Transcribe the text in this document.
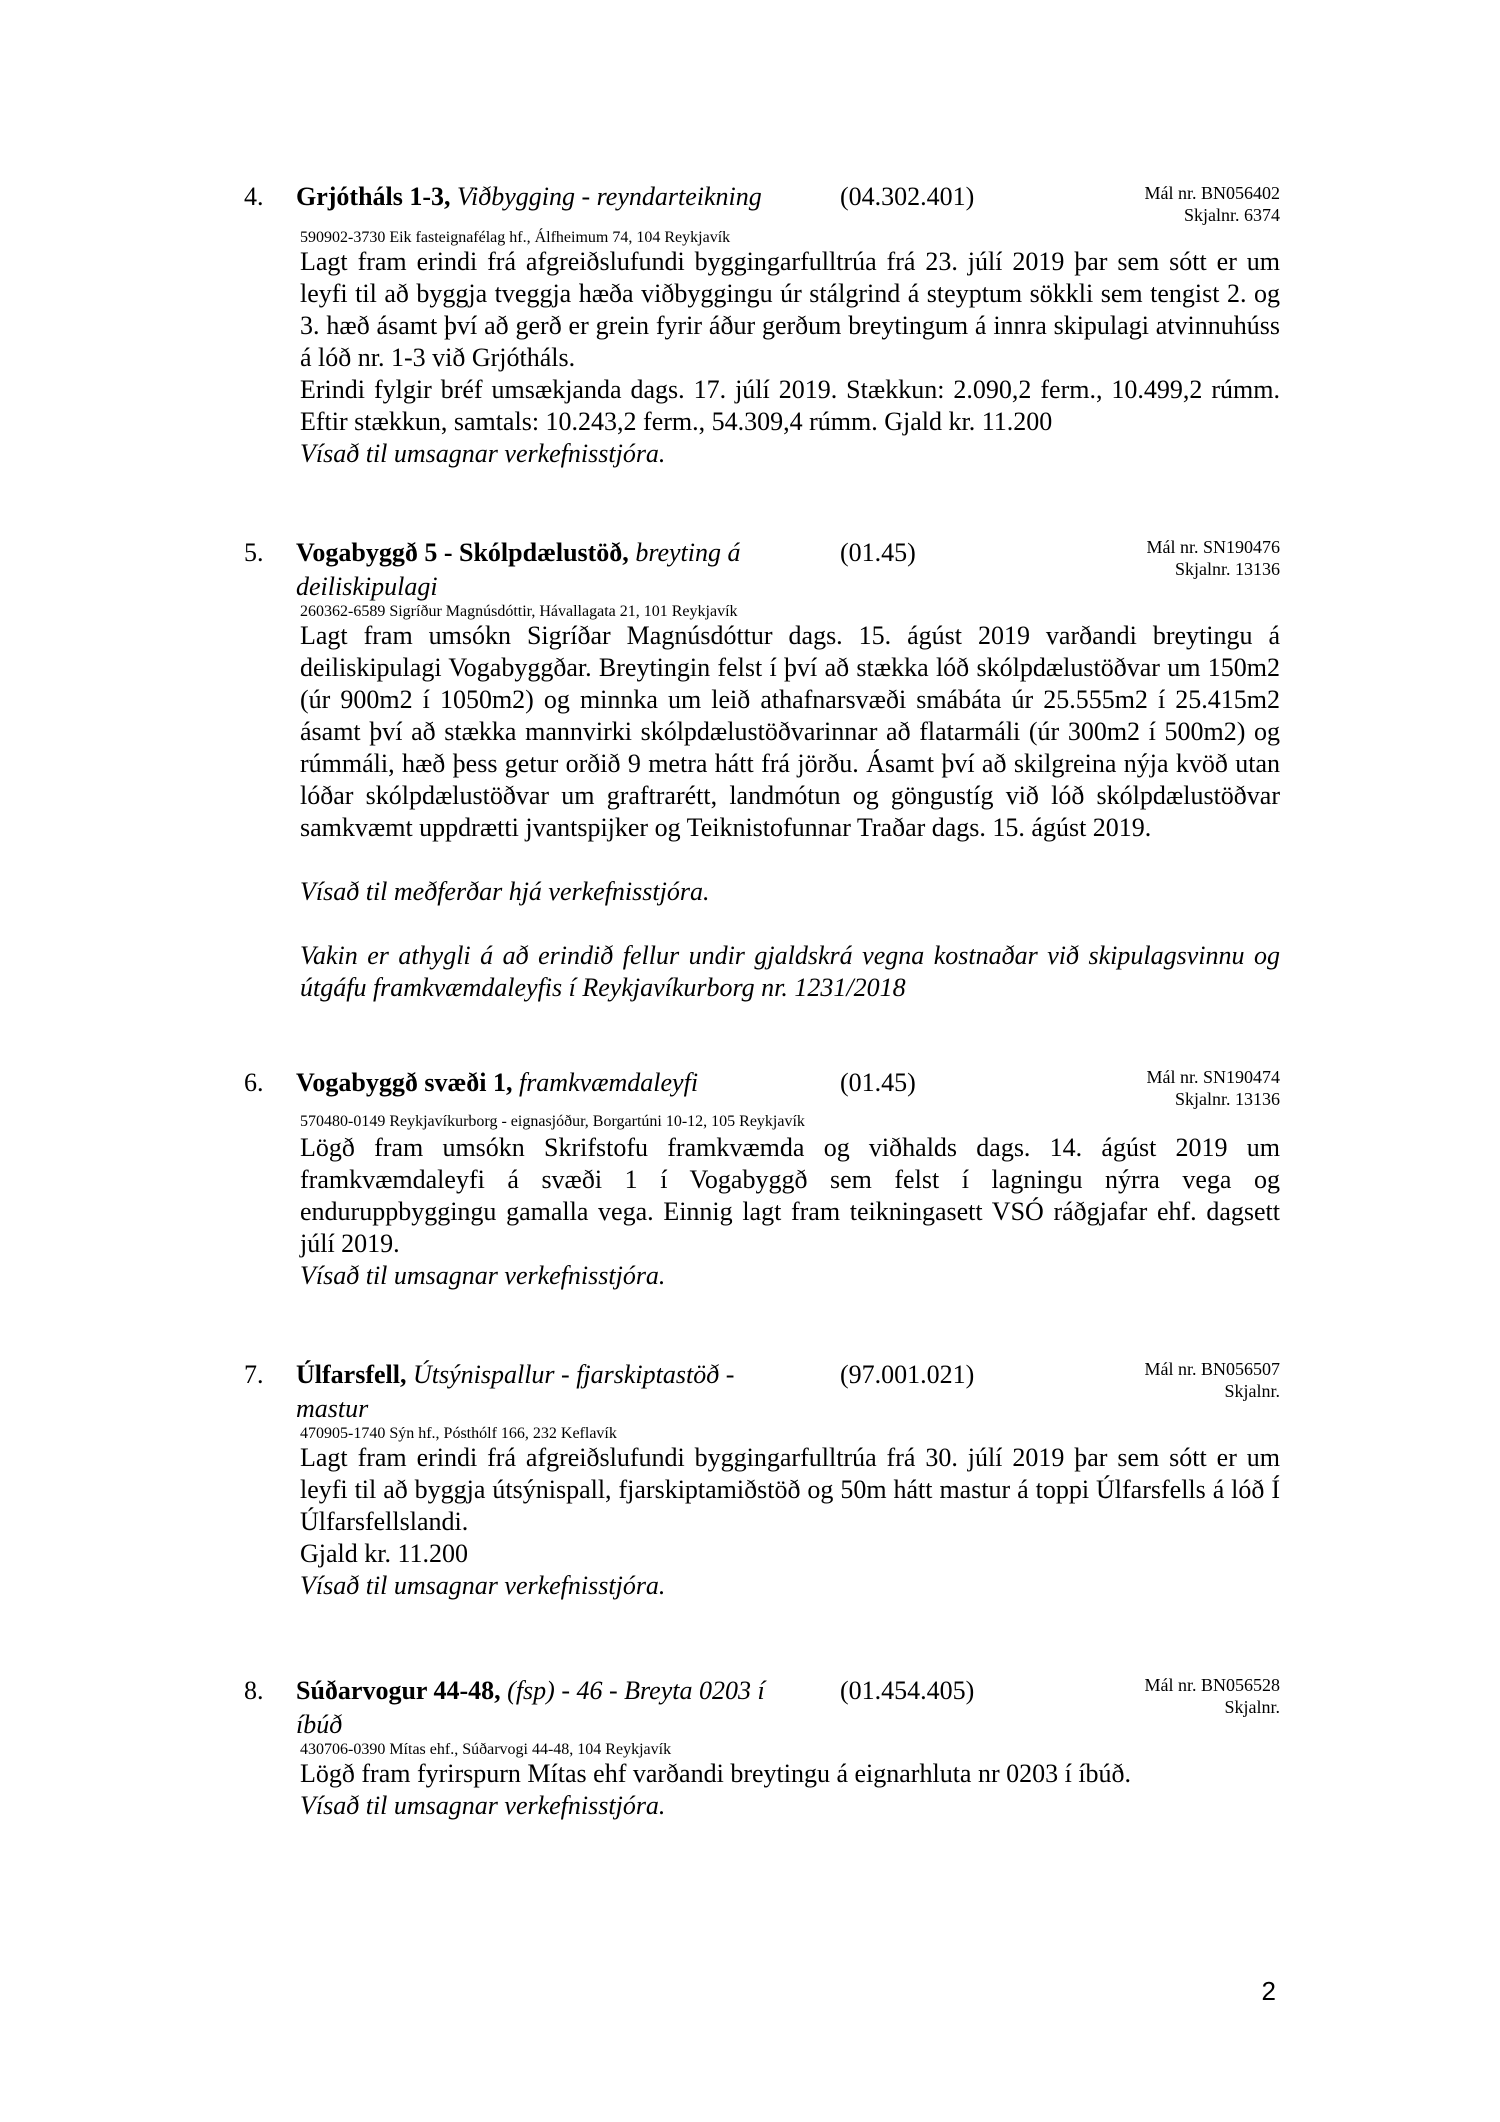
4. Grjótháls 1-3, Viðbygging - reyndarteikning	(04.302.401)	Mál nr. BN056402
Skjalnr. 6374
590902-3730 Eik fasteignafélag hf., Álfheimum 74, 104 Reykjavík
Lagt fram erindi frá afgreiðslufundi byggingarfulltrúa frá 23. júlí 2019 þar sem sótt er um leyfi til að byggja tveggja hæða viðbyggingu úr stálgrind á steyptum sökkli sem tengist 2. og 3. hæð ásamt því að gerð er grein fyrir áður gerðum breytingum á innra skipulagi atvinnuhúss á lóð nr. 1-3 við Grjótháls.
Erindi fylgir bréf umsækjanda dags. 17. júlí 2019. Stækkun: 2.090,2 ferm., 10.499,2 rúmm. Eftir stækkun, samtals: 10.243,2 ferm., 54.309,4 rúmm. Gjald kr. 11.200
Vísað til umsagnar verkefnisstjóra.
5. Vogabyggð 5 - Skólpdælustöð, breyting á deiliskipulagi
(01.45)	Mál nr. SN190476
Skjalnr. 13136
260362-6589 Sigríður Magnúsdóttir, Hávallagata 21, 101 Reykjavík
Lagt fram umsókn Sigríðar Magnúsdóttur dags. 15. ágúst 2019 varðandi breytingu á deiliskipulagi Vogabyggðar. Breytingin felst í því að stækka lóð skólpdælustöðvar um 150m2 (úr 900m2 í 1050m2) og minnka um leið athafnarsvæði smábáta úr 25.555m2 í 25.415m2 ásamt því að stækka mannvirki skólpdælustöðvarinnar að flatarmáli (úr 300m2 í 500m2) og rúmmáli, hæð þess getur orðið 9 metra hátt frá jörðu. Ásamt því að skilgreina nýja kvöð utan lóðar skólpdælustöðvar um graftrarétt, landmótun og göngustíg við lóð skólpdælustöðvar samkvæmt uppdrætti jvantspijker og Teiknistofunnar Traðar dags. 15. ágúst 2019.
Vísað til meðferðar hjá verkefnisstjóra.
Vakin er athygli á að erindið fellur undir gjaldskrá vegna kostnaðar við skipulagsvinnu og útgáfu framkvæmdaleyfis í Reykjavíkurborg nr. 1231/2018
6. Vogabyggð svæði 1, framkvæmdaleyfi	(01.45)	Mál nr. SN190474
Skjalnr. 13136
570480-0149 Reykjavíkurborg - eignasjóður, Borgartúni 10-12, 105 Reykjavík
Lögð fram umsókn Skrifstofu framkvæmda og viðhalds dags. 14. ágúst 2019 um framkvæmdaleyfi á svæði 1 í Vogabyggð sem felst í lagningu nýrra vega og enduruppbyggingu gamalla vega. Einnig lagt fram teikningasett VSÓ ráðgjafar ehf. dagsett júlí 2019.
Vísað til umsagnar verkefnisstjóra.
7. Úlfarsfell, Útsýnispallur - fjarskiptastöð - mastur
(97.001.021)	Mál nr. BN056507
Skjalnr.
470905-1740 Sýn hf., Pósthólf 166, 232 Keflavík
Lagt fram erindi frá afgreiðslufundi byggingarfulltrúa frá 30. júlí 2019 þar sem sótt er um leyfi til að byggja útsýnispall, fjarskiptamiðstöð og 50m hátt mastur á toppi Úlfarsfells á lóð Í Úlfarsfellslandi.
Gjald kr. 11.200
Vísað til umsagnar verkefnisstjóra.
8. Súðarvogur 44-48, (fsp) - 46 - Breyta 0203 í íbúð
(01.454.405)	Mál nr. BN056528
Skjalnr.
430706-0390 Mítas ehf., Súðarvogi 44-48, 104 Reykjavík
Lögð fram fyrirspurn Mítas ehf varðandi breytingu á eignarhluta nr 0203 í íbúð.
Vísað til umsagnar verkefnisstjóra.
2
